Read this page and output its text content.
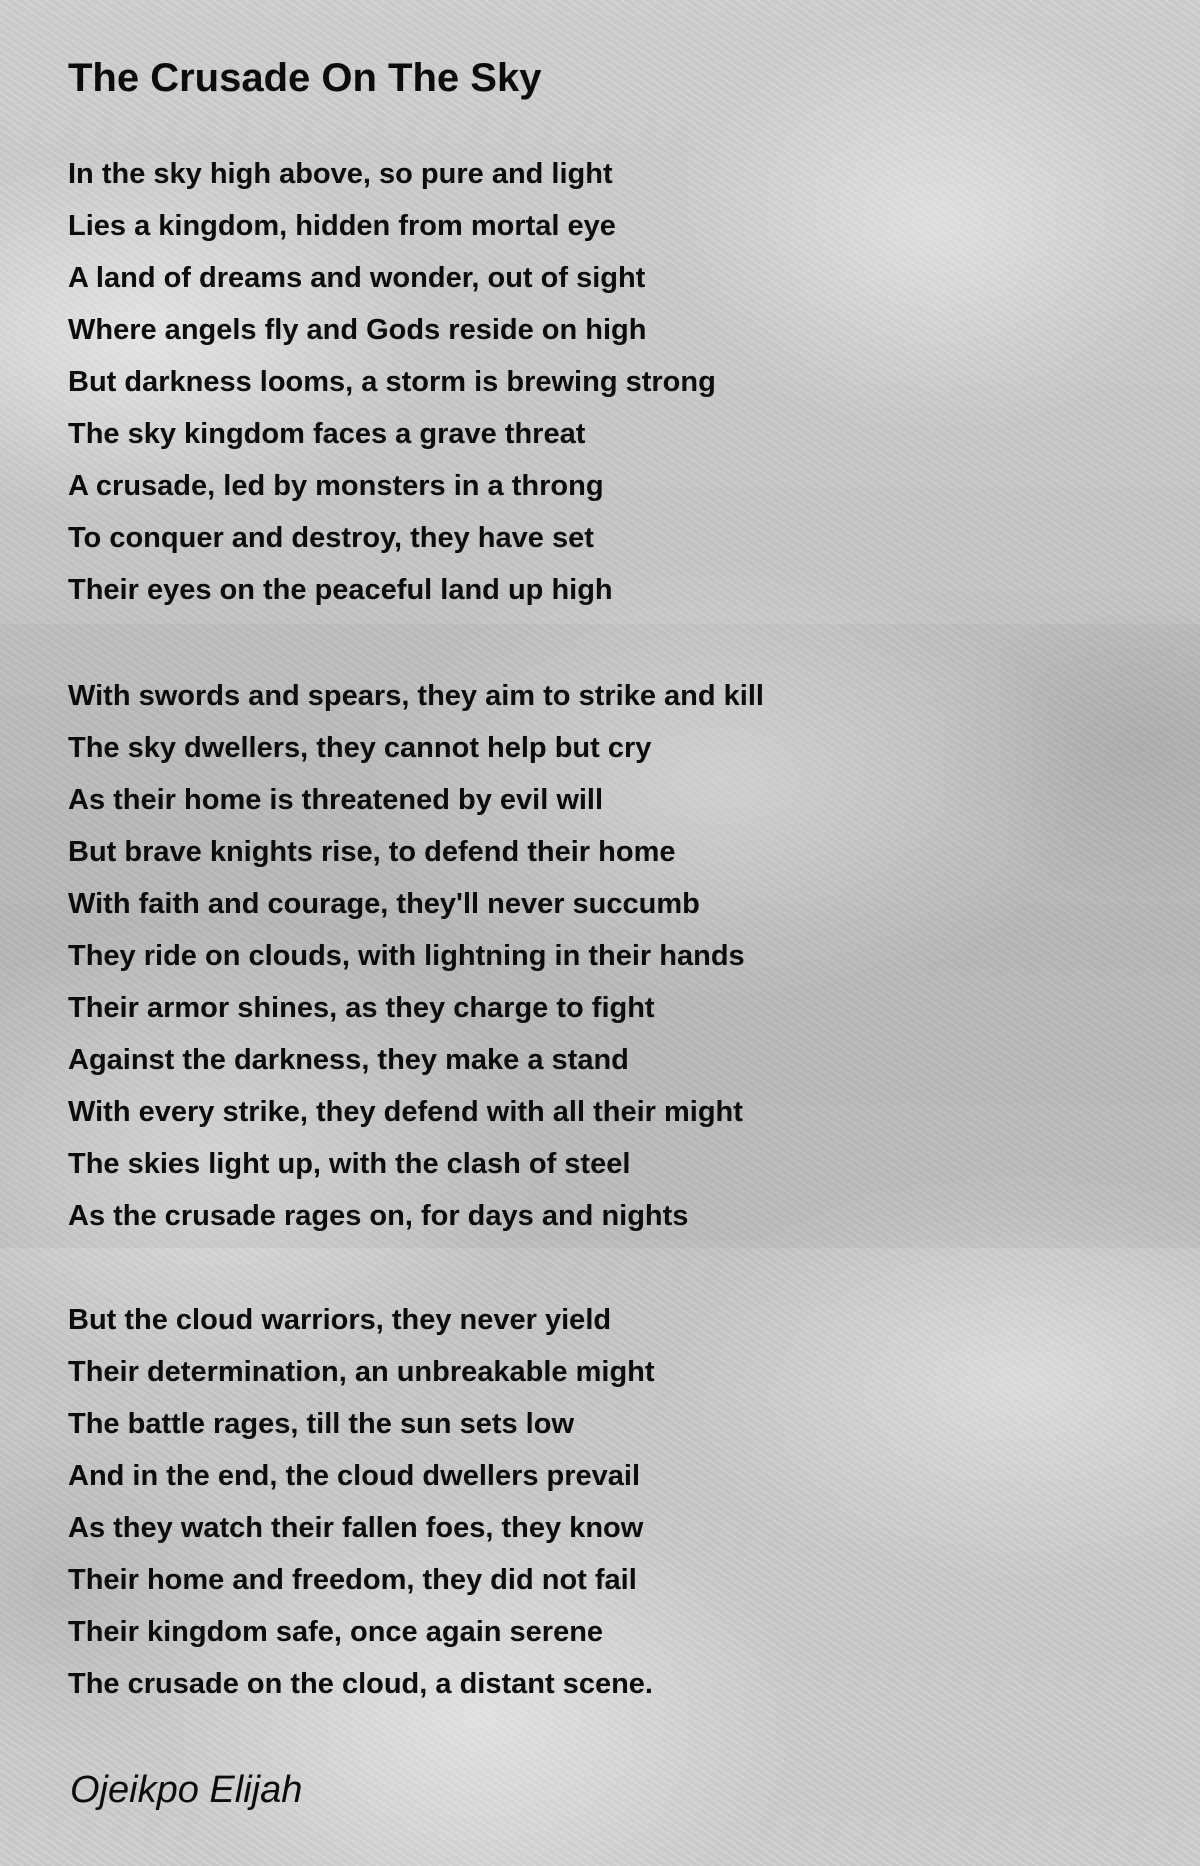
The Crusade On The Sky
In the sky high above, so pure and light
Lies a kingdom, hidden from mortal eye
A land of dreams and wonder, out of sight
Where angels fly and Gods reside on high
But darkness looms, a storm is brewing strong
The sky kingdom faces a grave threat
A crusade, led by monsters in a throng
To conquer and destroy, they have set
Their eyes on the peaceful land up high
With swords and spears, they aim to strike and kill
The sky dwellers, they cannot help but cry
As their home is threatened by evil will
But brave knights rise, to defend their home
With faith and courage, they'll never succumb
They ride on clouds, with lightning in their hands
Their armor shines, as they charge to fight
Against the darkness, they make a stand
With every strike, they defend with all their might
The skies light up, with the clash of steel
As the crusade rages on, for days and nights
But the cloud warriors, they never yield
Their determination, an unbreakable might
The battle rages, till the sun sets low
And in the end, the cloud dwellers prevail
As they watch their fallen foes, they know
Their home and freedom, they did not fail
Their kingdom safe, once again serene
The crusade on the cloud, a distant scene.

Ojeikpo Elijah
